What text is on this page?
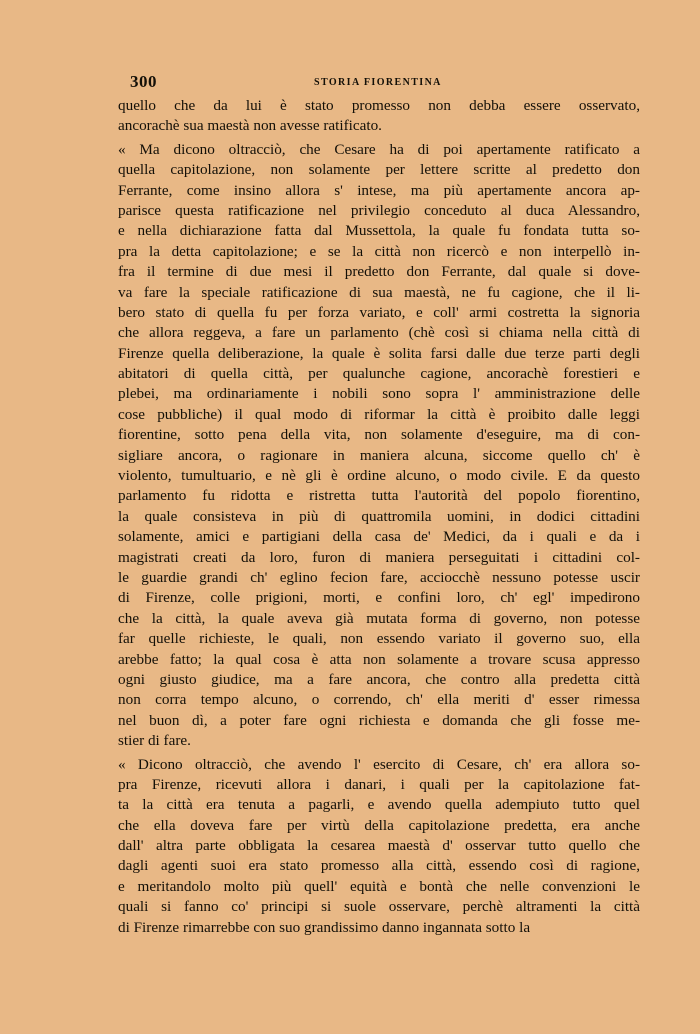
300	STORIA FIORENTINA
quello che da lui è stato promesso non debba essere osservato,
ancorachè sua maestà non avesse ratificato.
« Ma dicono oltracciò, che Cesare ha di poi apertamente ratificato a
quella capitolazione, non solamente per lettere scritte al predetto don
Ferrante, come insino allora s' intese, ma più apertamente ancora ap-
parisce questa ratificazione nel privilegio conceduto al duca Alessandro,
e nella dichiarazione fatta dal Mussettola, la quale fu fondata tutta so-
pra la detta capitolazione; e se la città non ricercò e non interpellò in-
fra il termine di due mesi il predetto don Ferrante, dal quale si dove-
va fare la speciale ratificazione di sua maestà, ne fu cagione, che il li-
bero stato di quella fu per forza variato, e coll' armi costretta la signoria
che allora reggeva, a fare un parlamento (chè così si chiama nella città di
Firenze quella deliberazione, la quale è solita farsi dalle due terze parti degli
abitatori di quella città, per qualunche cagione, ancorachè forestieri e
plebei, ma ordinariamente i nobili sono sopra l' amministrazione delle
cose pubbliche) il qual modo di riformar la città è proibito dalle leggi
fiorentine, sotto pena della vita, non solamente d'eseguire, ma di con-
sigliare ancora, o ragionare in maniera alcuna, siccome quello ch' è
violento, tumultuario, e nè gli è ordine alcuno, o modo civile. E da questo
parlamento fu ridotta e ristretta tutta l'autorità del popolo fiorentino,
la quale consisteva in più di quattromila uomini, in dodici cittadini
solamente, amici e partigiani della casa de' Medici, da i quali e da i
magistrati creati da loro, furon di maniera perseguitati i cittadini col-
le guardie grandi ch' eglino fecion fare, acciocchè nessuno potesse uscir
di Firenze, colle prigioni, morti, e confini loro, ch' egl' impedirono
che la città, la quale aveva già mutata forma di governo, non potesse
far quelle richieste, le quali, non essendo variato il governo suo, ella
arebbe fatto; la qual cosa è atta non solamente a trovare scusa appresso
ogni giusto giudice, ma a fare ancora, che contro alla predetta città
non corra tempo alcuno, o correndo, ch' ella meriti d' esser rimessa
nel buon dì, a poter fare ogni richiesta e domanda che gli fosse me-
stier di fare.
« Dicono oltracciò, che avendo l' esercito di Cesare, ch' era allora so-
pra Firenze, ricevuti allora i danari, i quali per la capitolazione fat-
ta la città era tenuta a pagarli, e avendo quella adempiuto tutto quel
che ella doveva fare per virtù della capitolazione predetta, era anche
dall' altra parte obbligata la cesarea maestà d' osservar tutto quello che
dagli agenti suoi era stato promesso alla città, essendo così di ragione,
e meritandolo molto più quell' equità e bontà che nelle convenzioni le
quali si fanno co' principi si suole osservare, perchè altramenti la città
di Firenze rimarrebbe con suo grandissimo danno ingannata sotto la
